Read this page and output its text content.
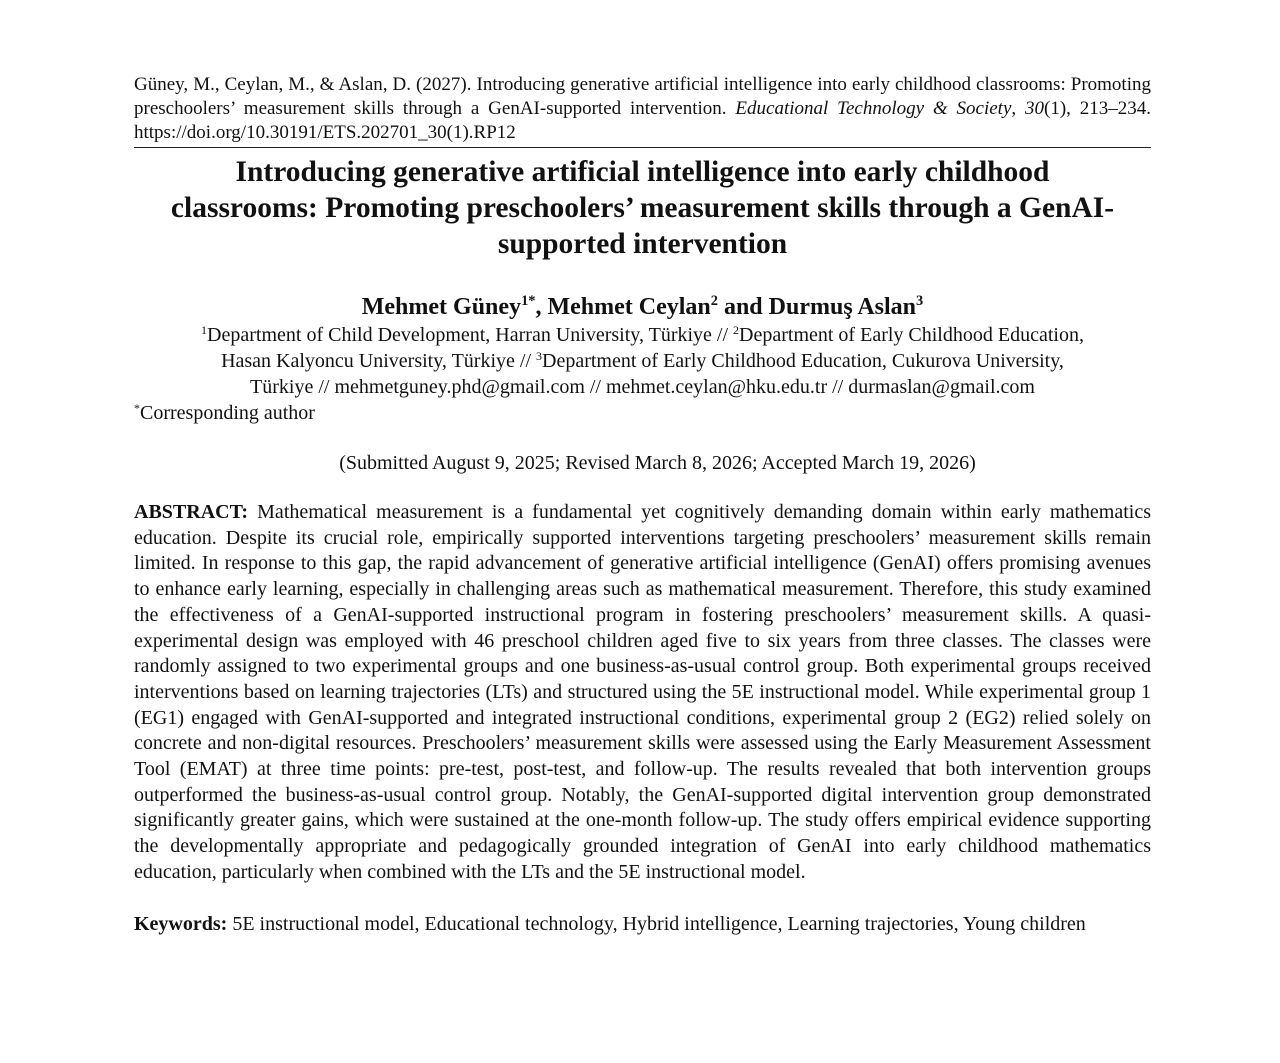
Güney, M., Ceylan, M., & Aslan, D. (2027). Introducing generative artificial intelligence into early childhood classrooms: Promoting preschoolers’ measurement skills through a GenAI-supported intervention. Educational Technology & Society, 30(1), 213–234. https://doi.org/10.30191/ETS.202701_30(1).RP12
Introducing generative artificial intelligence into early childhood
classrooms: Promoting preschoolers’ measurement skills through a GenAI-
supported intervention
Mehmet Güney$^{1*}$, Mehmet Ceylan$^2$ and Durmuş Aslan$^3$
$^1$Department of Child Development, Harran University, Türkiye // $^2$Department of Early Childhood Education,
Hasan Kalyoncu University, Türkiye // $^3$Department of Early Childhood Education, Cukurova University,
Türkiye // mehmetguney.phd@gmail.com // mehmet.ceylan@hku.edu.tr // durmaslan@gmail.com
*Corresponding author
(Submitted August 9, 2025; Revised March 8, 2026; Accepted March 19, 2026)
ABSTRACT: Mathematical measurement is a fundamental yet cognitively demanding domain within early mathematics education. Despite its crucial role, empirically supported interventions targeting preschoolers’ measurement skills remain limited. In response to this gap, the rapid advancement of generative artificial intelligence (GenAI) offers promising avenues to enhance early learning, especially in challenging areas such as mathematical measurement. Therefore, this study examined the effectiveness of a GenAI-supported instructional program in fostering preschoolers’ measurement skills. A quasi-experimental design was employed with 46 preschool children aged five to six years from three classes. The classes were randomly assigned to two experimental groups and one business-as-usual control group. Both experimental groups received interventions based on learning trajectories (LTs) and structured using the 5E instructional model. While experimental group 1 (EG1) engaged with GenAI-supported and integrated instructional conditions, experimental group 2 (EG2) relied solely on concrete and non-digital resources. Preschoolers’ measurement skills were assessed using the Early Measurement Assessment Tool (EMAT) at three time points: pre-test, post-test, and follow-up. The results revealed that both intervention groups outperformed the business-as-usual control group. Notably, the GenAI-supported digital intervention group demonstrated significantly greater gains, which were sustained at the one-month follow-up. The study offers empirical evidence supporting the developmentally appropriate and pedagogically grounded integration of GenAI into early childhood mathematics education, particularly when combined with the LTs and the 5E instructional model.
Keywords: 5E instructional model, Educational technology, Hybrid intelligence, Learning trajectories, Young children
